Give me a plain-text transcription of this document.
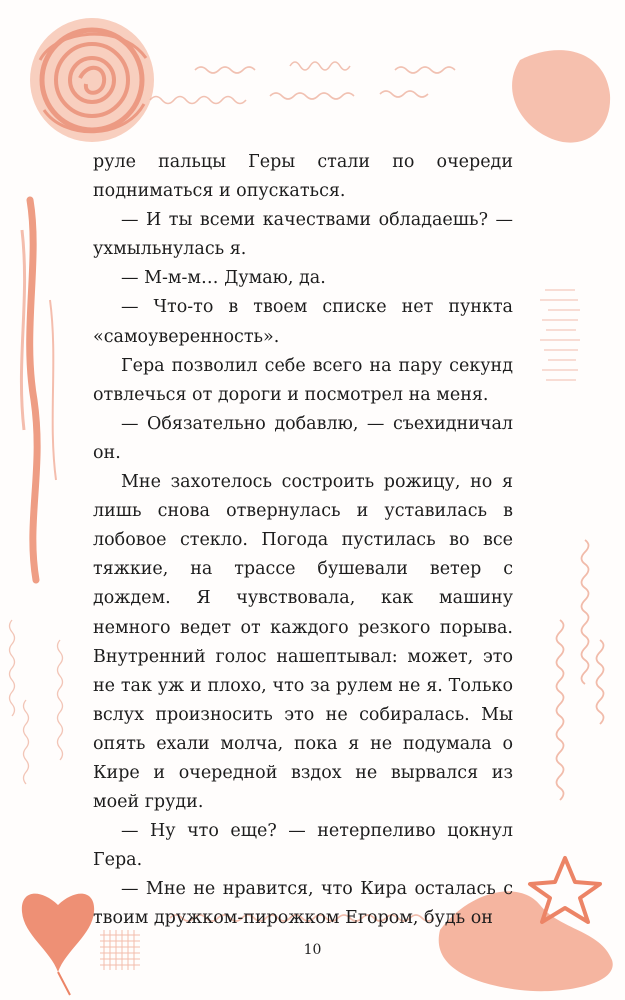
руле пальцы Геры стали по очереди подниматься и опускаться.

— И ты всеми качествами обладаешь? — ухмыльнулась я.

— М-м-м… Думаю, да.

— Что-то в твоем списке нет пункта «самоуверенность».

Гера позволил себе всего на пару секунд отвлечься от дороги и посмотрел на меня.

— Обязательно добавлю, — съехидничал он.

Мне захотелось состроить рожицу, но я лишь снова отвернулась и уставилась в лобовое стекло. Погода пустилась во все тяжкие, на трассе бушевали ветер с дождем. Я чувствовала, как машину немного ведет от каждого резкого порыва. Внутренний голос нашептывал: может, это не так уж и плохо, что за рулем не я. Только вслух произносить это не собиралась. Мы опять ехали молча, пока я не подумала о Кире и очередной вздох не вырвался из моей груди.

— Ну что еще? — нетерпеливо цокнул Гера.

— Мне не нравится, что Кира осталась с твоим дружком-пирожком Егором, будь он

10
